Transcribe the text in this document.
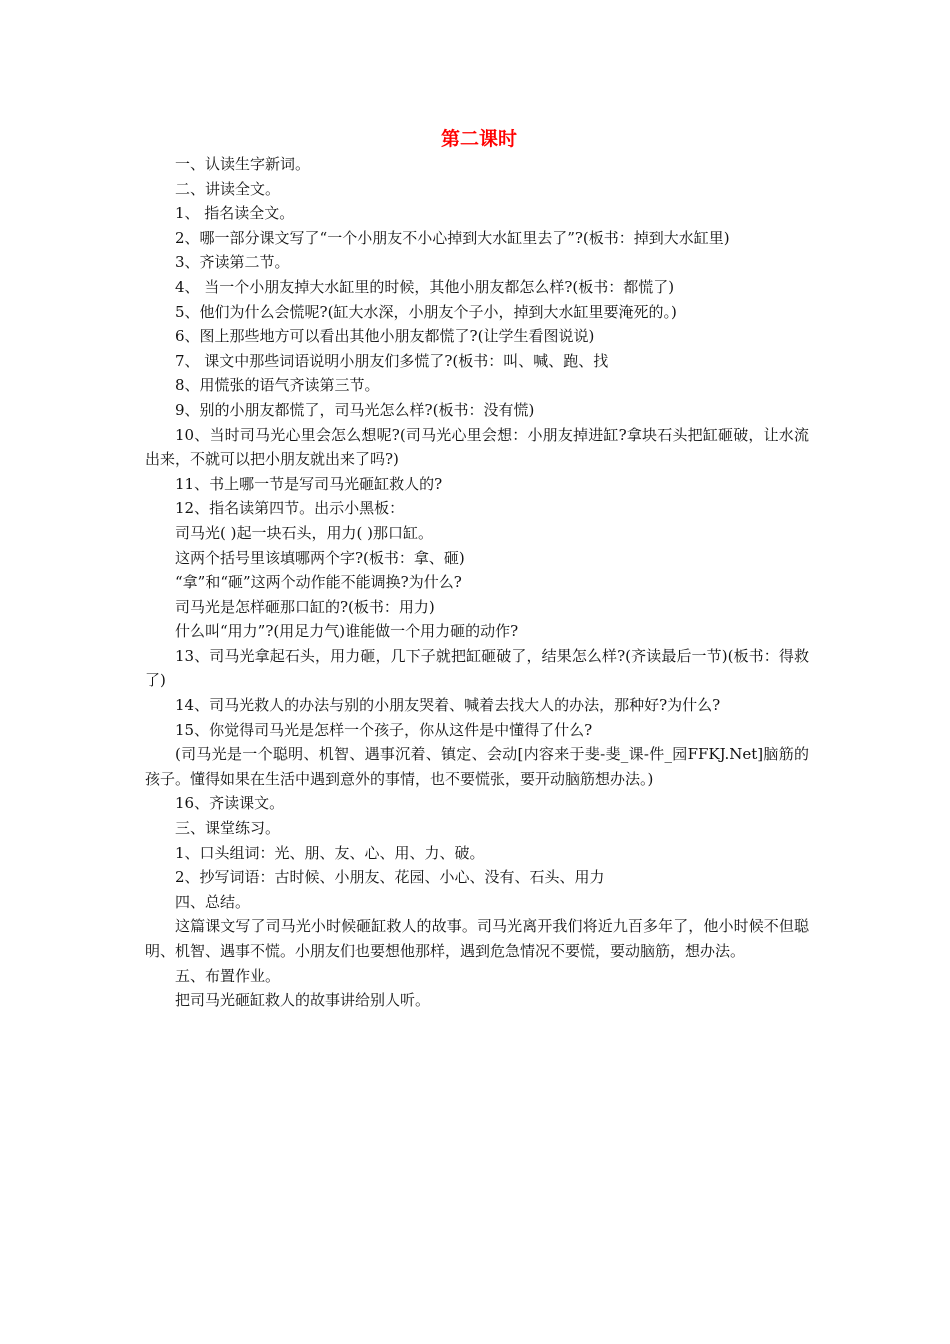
第二课时

一、认读生字新词。

二、讲读全文。

1、 指名读全文。

2、哪一部分课文写了“一个小朋友不小心掉到大水缸里去了”?(板书：掉到大水缸里)

3、齐读第二节。

4、 当一个小朋友掉大水缸里的时候，其他小朋友都怎么样?(板书：都慌了)

5、他们为什么会慌呢?(缸大水深，小朋友个子小，掉到大水缸里要淹死的。)

6、图上那些地方可以看出其他小朋友都慌了?(让学生看图说说)

7、 课文中那些词语说明小朋友们多慌了?(板书：叫、喊、跑、找

8、用慌张的语气齐读第三节。

9、别的小朋友都慌了，司马光怎么样?(板书：没有慌)

10、当时司马光心里会怎么想呢?(司马光心里会想：小朋友掉进缸?拿块石头把缸砸破，让水流出来，不就可以把小朋友就出来了吗?)

11、书上哪一节是写司马光砸缸救人的?

12、指名读第四节。出示小黑板：

司马光( )起一块石头，用力( )那口缸。

这两个括号里该填哪两个字?(板书：拿、砸)

“拿”和“砸”这两个动作能不能调换?为什么?

司马光是怎样砸那口缸的?(板书：用力)

什么叫“用力”?(用足力气)谁能做一个用力砸的动作?

13、司马光拿起石头，用力砸，几下子就把缸砸破了，结果怎么样?(齐读最后一节)(板书：得救了)

14、司马光救人的办法与别的小朋友哭着、喊着去找大人的办法，那种好?为什么?

15、你觉得司马光是怎样一个孩子，你从这件是中懂得了什么?

(司马光是一个聪明、机智、遇事沉着、镇定、会动[内容来于斐-斐_课-件_园FFKJ.Net]脑筋的孩子。懂得如果在生活中遇到意外的事情，也不要慌张，要开动脑筋想办法。)

16、齐读课文。

三、课堂练习。

1、口头组词：光、朋、友、心、用、力、破。

2、抄写词语：古时候、小朋友、花园、小心、没有、石头、用力

四、总结。

这篇课文写了司马光小时候砸缸救人的故事。司马光离开我们将近九百多年了，他小时候不但聪明、机智、遇事不慌。小朋友们也要想他那样，遇到危急情况不要慌，要动脑筋，想办法。

五、布置作业。

把司马光砸缸救人的故事讲给别人听。
